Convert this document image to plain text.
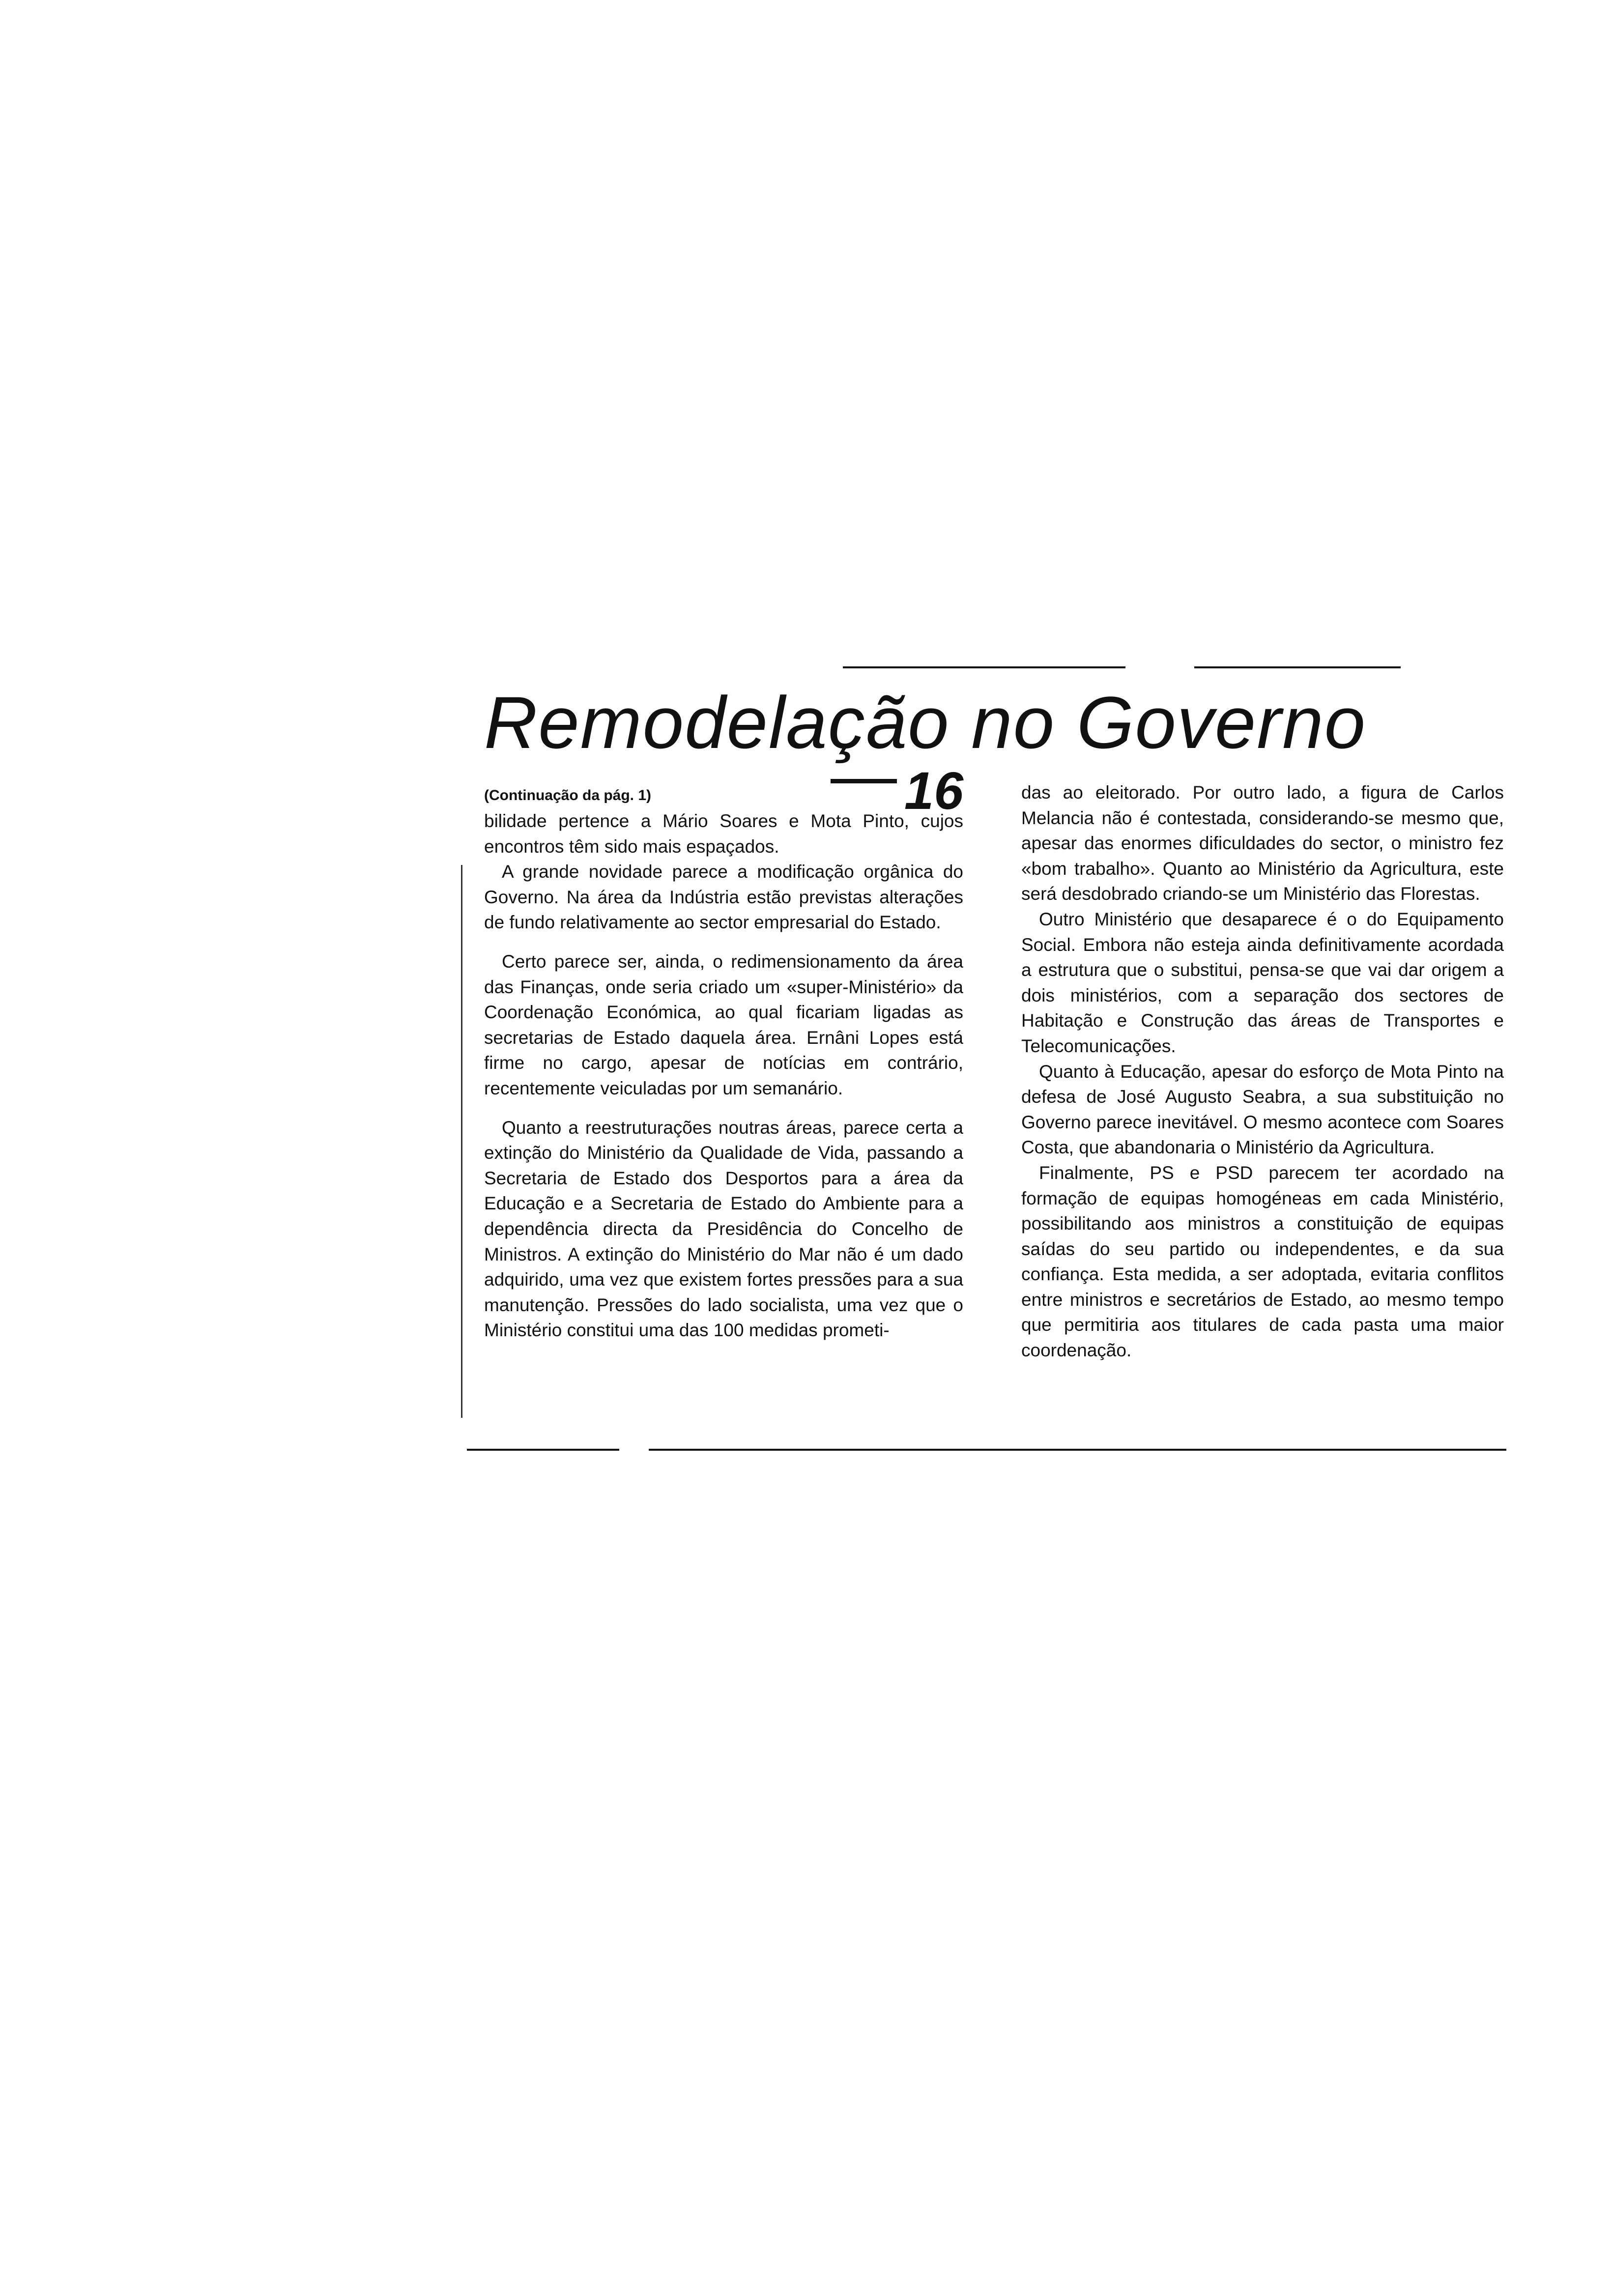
Remodelação no Governo
16
(Continuação da pág. 1)

bilidade pertence a Mário Soares e Mota Pinto, cujos encontros têm sido mais espaçados.

A grande novidade parece a modificação orgânica do Governo. Na área da Indústria estão previstas alterações de fundo relativamente ao sector empresarial do Estado.

Certo parece ser, ainda, o redimensionamento da área das Finanças, onde seria criado um «super-Ministério» da Coordenação Económica, ao qual ficariam ligadas as secretarias de Estado daquela área. Ernâni Lopes está firme no cargo, apesar de notícias em contrário, recentemente veiculadas por um semanário.

Quanto a reestruturações noutras áreas, parece certa a extinção do Ministério da Qualidade de Vida, passando a Secretaria de Estado dos Desportos para a área da Educação e a Secretaria de Estado do Ambiente para a dependência directa da Presidência do Concelho de Ministros. A extinção do Ministério do Mar não é um dado adquirido, uma vez que existem fortes pressões para a sua manutenção. Pressões do lado socialista, uma vez que o Ministério constitui uma das 100 medidas prometi-

das ao eleitorado. Por outro lado, a figura de Carlos Melancia não é contestada, considerando-se mesmo que, apesar das enormes dificuldades do sector, o ministro fez «bom trabalho». Quanto ao Ministério da Agricultura, este será desdobrado criando-se um Ministério das Florestas.

Outro Ministério que desaparece é o do Equipamento Social. Embora não esteja ainda definitivamente acordada a estrutura que o substitui, pensa-se que vai dar origem a dois ministérios, com a separação dos sectores de Habitação e Construção das áreas de Transportes e Telecomunicações.

Quanto à Educação, apesar do esforço de Mota Pinto na defesa de José Augusto Seabra, a sua substituição no Governo parece inevitável. O mesmo acontece com Soares Costa, que abandonaria o Ministério da Agricultura.

Finalmente, PS e PSD parecem ter acordado na formação de equipas homogéneas em cada Ministério, possibilitando aos ministros a constituição de equipas saídas do seu partido ou independentes, e da sua confiança. Esta medida, a ser adoptada, evitaria conflitos entre ministros e secretários de Estado, ao mesmo tempo que permitiria aos titulares de cada pasta uma maior coordenação.
